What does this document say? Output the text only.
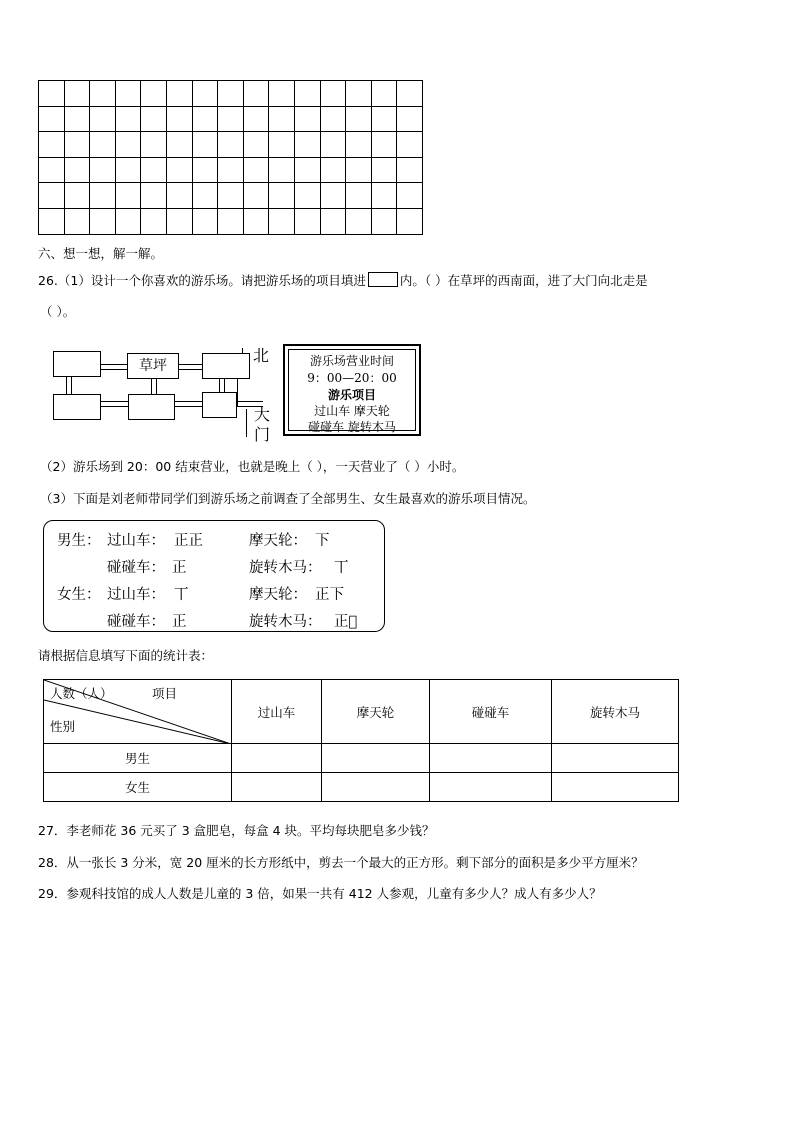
六、想一想，解一解。
26.（1）设计一个你喜欢的游乐场。请把游乐场的项目填进	内。（ ）在草坪的西南面，进了大门向北走是
（ ）。
草坪
北
大
门
游乐场营业时间
9：00—20：00
游乐项目
过山车 摩天轮
碰碰车 旋转木马
（2）游乐场到 20：00 结束营业，也就是晚上（ ），一天营业了（ ）小时。
（3）下面是刘老师带同学们到游乐场之前调查了全部男生、女生最喜欢的游乐项目情况。
男生： 过山车： 正正	摩天轮： 下
碰碰车： 正	旋转木马： 丅
女生： 过山车： 丅	摩天轮： 正下
碰碰车： 正	旋转木马： 正𠀆
请根据信息填写下面的统计表：
人数（人） 项目
性别	过山车	摩天轮	碰碰车	旋转木马
男生				
女生				
27．李老师花 36 元买了 3 盒肥皂，每盒 4 块。平均每块肥皂多少钱？
28．从一张长 3 分米，宽 20 厘米的长方形纸中，剪去一个最大的正方形。剩下部分的面积是多少平方厘米？
29．参观科技馆的成人人数是儿童的 3 倍，如果一共有 412 人参观，儿童有多少人？成人有多少人？
